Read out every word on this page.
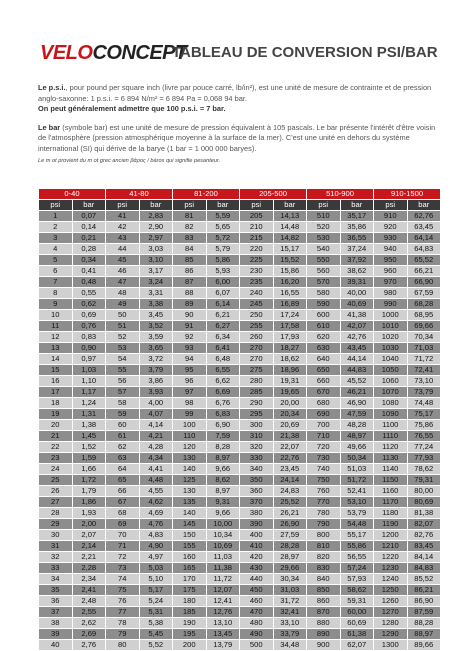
VELOCONCEPT
TABLEAU DE CONVERSION PSI/BAR

Le p.s.i., pour pound per square inch (livre par pouce carré, lb/in²), est une unité de mesure de contrainte et de pression anglo-saxonne: 1 p.s.i. = 6 894 N/m² = 6 894 Pa = 0,068 94 bar.

On peut généralement admettre que 100 p.s.i. = 7 bar.

Le bar (symbole bar) est une unité de mesure de pression équivalent à 105 pascals. Le bar présente l'intérêt d'être voisin de l'atmosphère (pression atmosphérique moyenne à la surface de la mer). C'est une unité en dehors du système international (SI) qui dérive de la barye (1 bar = 1 000 000 baryes).

Le m ot provient du m ot grec ancien βάρος / bàros qui signifie pesanteur.

0-40		41-80		81-200		205-500		510-900		910-1500	
psi	bar	psi	bar	psi	bar	psi	bar	psi	bar	psi	bar
1	0,07	41	2,83	81	5,59	205	14,13	510	35,17	910	62,76
2	0,14	42	2,90	82	5,65	210	14,48	520	35,86	920	63,45
3	0,21	43	2,97	83	5,72	215	14,82	530	36,55	930	64,14
4	0,28	44	3,03	84	5,79	220	15,17	540	37,24	940	64,83
5	0,34	45	3,10	85	5,86	225	15,52	550	37,92	950	65,52
6	0,41	46	3,17	86	5,93	230	15,86	560	38,62	960	66,21
7	0,48	47	3,24	87	6,00	235	16,20	570	39,31	970	66,90
8	0,55	48	3,31	88	6,07	240	16,55	580	40,00	980	67,59
9	0,62	49	3,38	89	6,14	245	16,89	590	40,69	990	68,28
10	0,69	50	3,45	90	6,21	250	17,24	600	41,38	1000	68,95
11	0,76	51	3,52	91	6,27	255	17,58	610	42,07	1010	69,66
12	0,83	52	3,59	92	6,34	260	17,93	620	42,76	1020	70,34
13	0,90	53	3,65	93	6,41	270	18,27	630	43,45	1030	71,03
14	0,97	54	3,72	94	6,48	270	18,62	640	44,14	1040	71,72
15	1,03	55	3,79	95	6,55	275	18,96	650	44,83	1050	72,41
16	1,10	56	3,86	96	6,62	280	19,31	660	45,52	1060	73,10
17	1,17	57	3,93	97	6,69	285	19,65	670	46,21	1070	73,79
18	1,24	58	4,00	98	6,76	290	20,00	680	46,90	1080	74,48
19	1,31	59	4,07	99	6,83	295	20,34	690	47,59	1090	75,17
20	1,38	60	4,14	100	6,90	300	20,69	700	48,28	1100	75,86
21	1,45	61	4,21	110	7,59	310	21,38	710	48,97	1110	76,55
22	1,52	62	4,28	120	8,28	320	22,07	720	49,66	1120	77,24
23	1,59	63	4,34	130	8,97	330	22,76	730	50,34	1130	77,93
24	1,66	64	4,41	140	9,66	340	23,45	740	51,03	1140	78,62
25	1,72	65	4,48	125	8,62	350	24,14	750	51,72	1150	79,31
26	1,79	66	4,55	130	8,97	360	24,83	760	52,41	1160	80,00
27	1,86	67	4,62	135	9,31	370	25,52	770	53,10	1170	80,69
28	1,93	68	4,69	140	9,66	380	26,21	780	53,79	1180	81,38
29	2,00	69	4,76	145	10,00	390	26,90	790	54,48	1190	82,07
30	2,07	70	4,83	150	10,34	400	27,59	800	55,17	1200	82,76
31	2,14	71	4,90	155	10,69	410	28,28	810	55,86	1210	83,45
32	2,21	72	4,97	160	11,03	420	28,97	820	56,55	1220	84,14
33	2,28	73	5,03	165	11,38	430	29,66	830	57,24	1230	84,83
34	2,34	74	5,10	170	11,72	440	30,34	840	57,93	1240	85,52
35	2,41	75	5,17	175	12,07	450	31,03	850	58,62	1250	86,21
36	2,48	76	5,24	180	12,41	460	31,72	860	59,31	1260	86,90
37	2,55	77	5,31	185	12,76	470	32,41	870	60,00	1270	87,59
38	2,62	78	5,38	190	13,10	480	33,10	880	60,69	1280	88,28
39	2,69	79	5,45	195	13,45	490	33,79	890	61,38	1290	88,97
40	2,76	80	5,52	200	13,79	500	34,48	900	62,07	1300	89,66
